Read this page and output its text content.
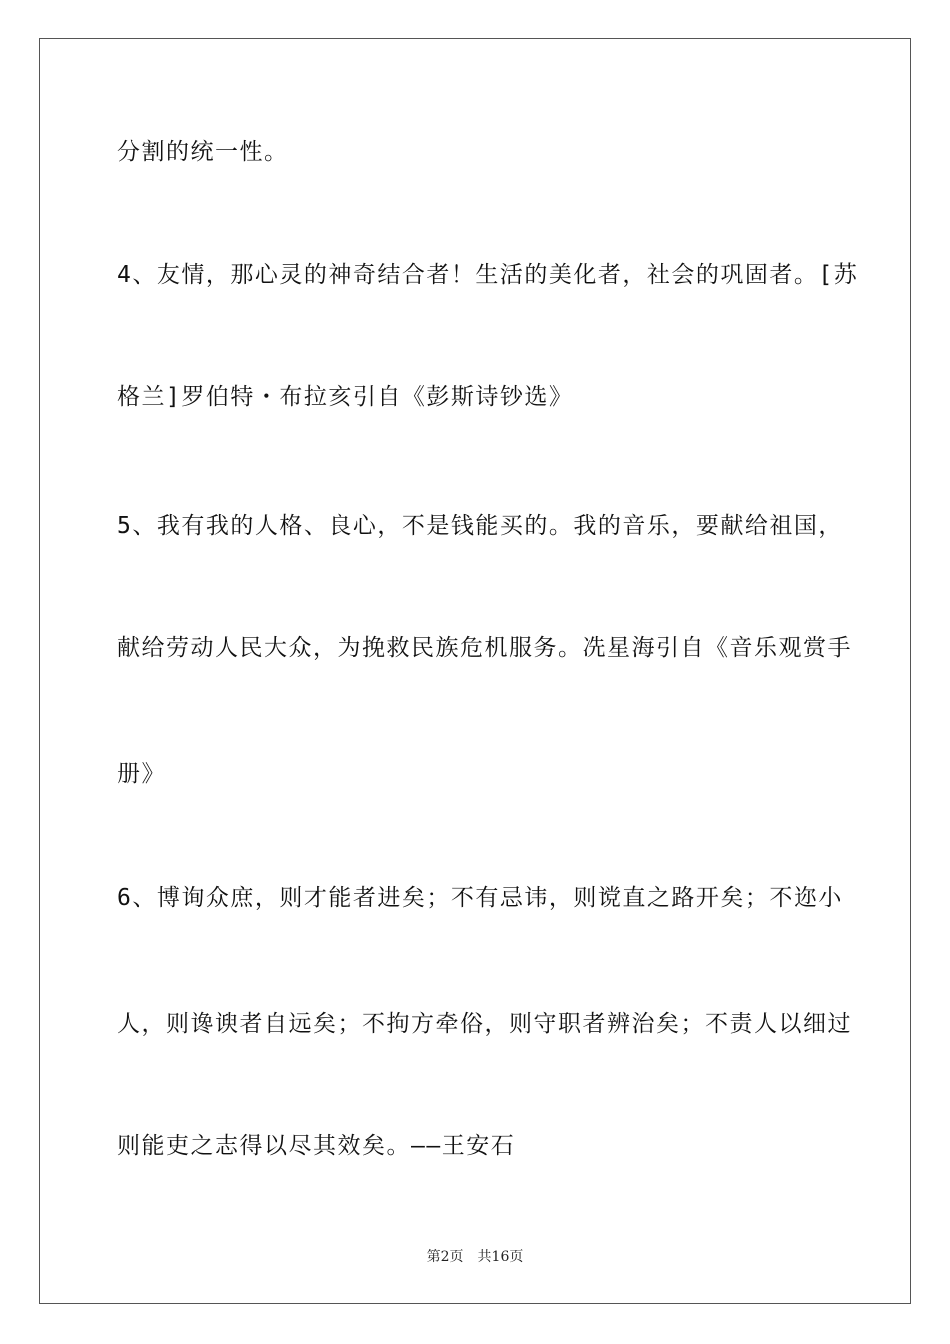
分割的统一性。
4、友情，那心灵的神奇结合者！生活的美化者，社会的巩固者。[苏
格兰]罗伯特・布拉亥引自《彭斯诗钞选》
5、我有我的人格、良心，不是钱能买的。我的音乐，要献给祖国，
献给劳动人民大众，为挽救民族危机服务。冼星海引自《音乐观赏手
册》
6、博询众庶，则才能者进矣；不有忌讳，则谠直之路开矣；不迩小
人，则谗谀者自远矣；不拘方牵俗，则守职者辨治矣；不责人以细过
则能吏之志得以尽其效矣。——王安石
第2页 共16页
